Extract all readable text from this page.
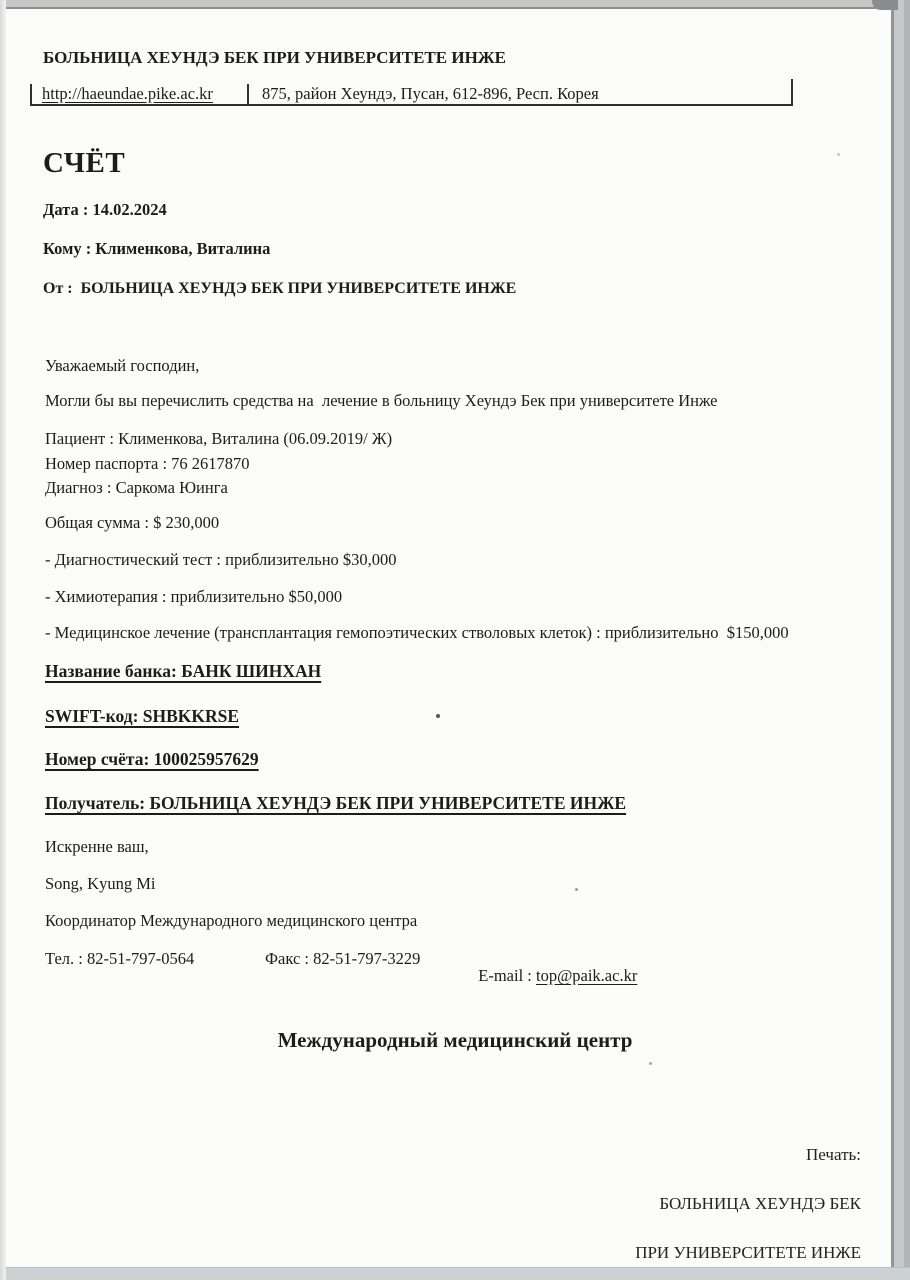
БОЛЬНИЦА ХЕУНДЭ БЕК ПРИ УНИВЕРСИТЕТЕ ИНЖЕ
http://haeundae.pike.ac.kr	875, район Хеундэ, Пусан, 612-896, Респ. Корея
СЧЁТ
Дата : 14.02.2024
Кому : Клименкова, Виталина
От :  БОЛЬНИЦА ХЕУНДЭ БЕК ПРИ УНИВЕРСИТЕТЕ ИНЖЕ
Уважаемый господин,
Могли бы вы перечислить средства на  лечение в больницу Хеундэ Бек при университете Инже
Пациент : Клименкова, Виталина (06.09.2019/ Ж)
Номер паспорта : 76 2617870
Диагноз : Саркома Юинга
Общая сумма : $ 230,000
- Диагностический тест : приблизительно $30,000
- Химиотерапия : приблизительно $50,000
- Медицинское лечение (трансплантация гемопоэтических стволовых клеток) : приблизительно  $150,000
Название банка: БАНК ШИНХАН
SWIFT-код: SHBKKRSE
Номер счёта: 100025957629
Получатель: БОЛЬНИЦА ХЕУНДЭ БЕК ПРИ УНИВЕРСИТЕТЕ ИНЖЕ
Искренне ваш,
Song, Kyung Mi
Координатор Международного медицинского центра
Тел. : 82-51-797-0564	Факс : 82-51-797-3229

E-mail : top@paik.ac.kr

Международный медицинский центр

Печать:

БОЛЬНИЦА ХЕУНДЭ БЕК

ПРИ УНИВЕРСИТЕТЕ ИНЖЕ
